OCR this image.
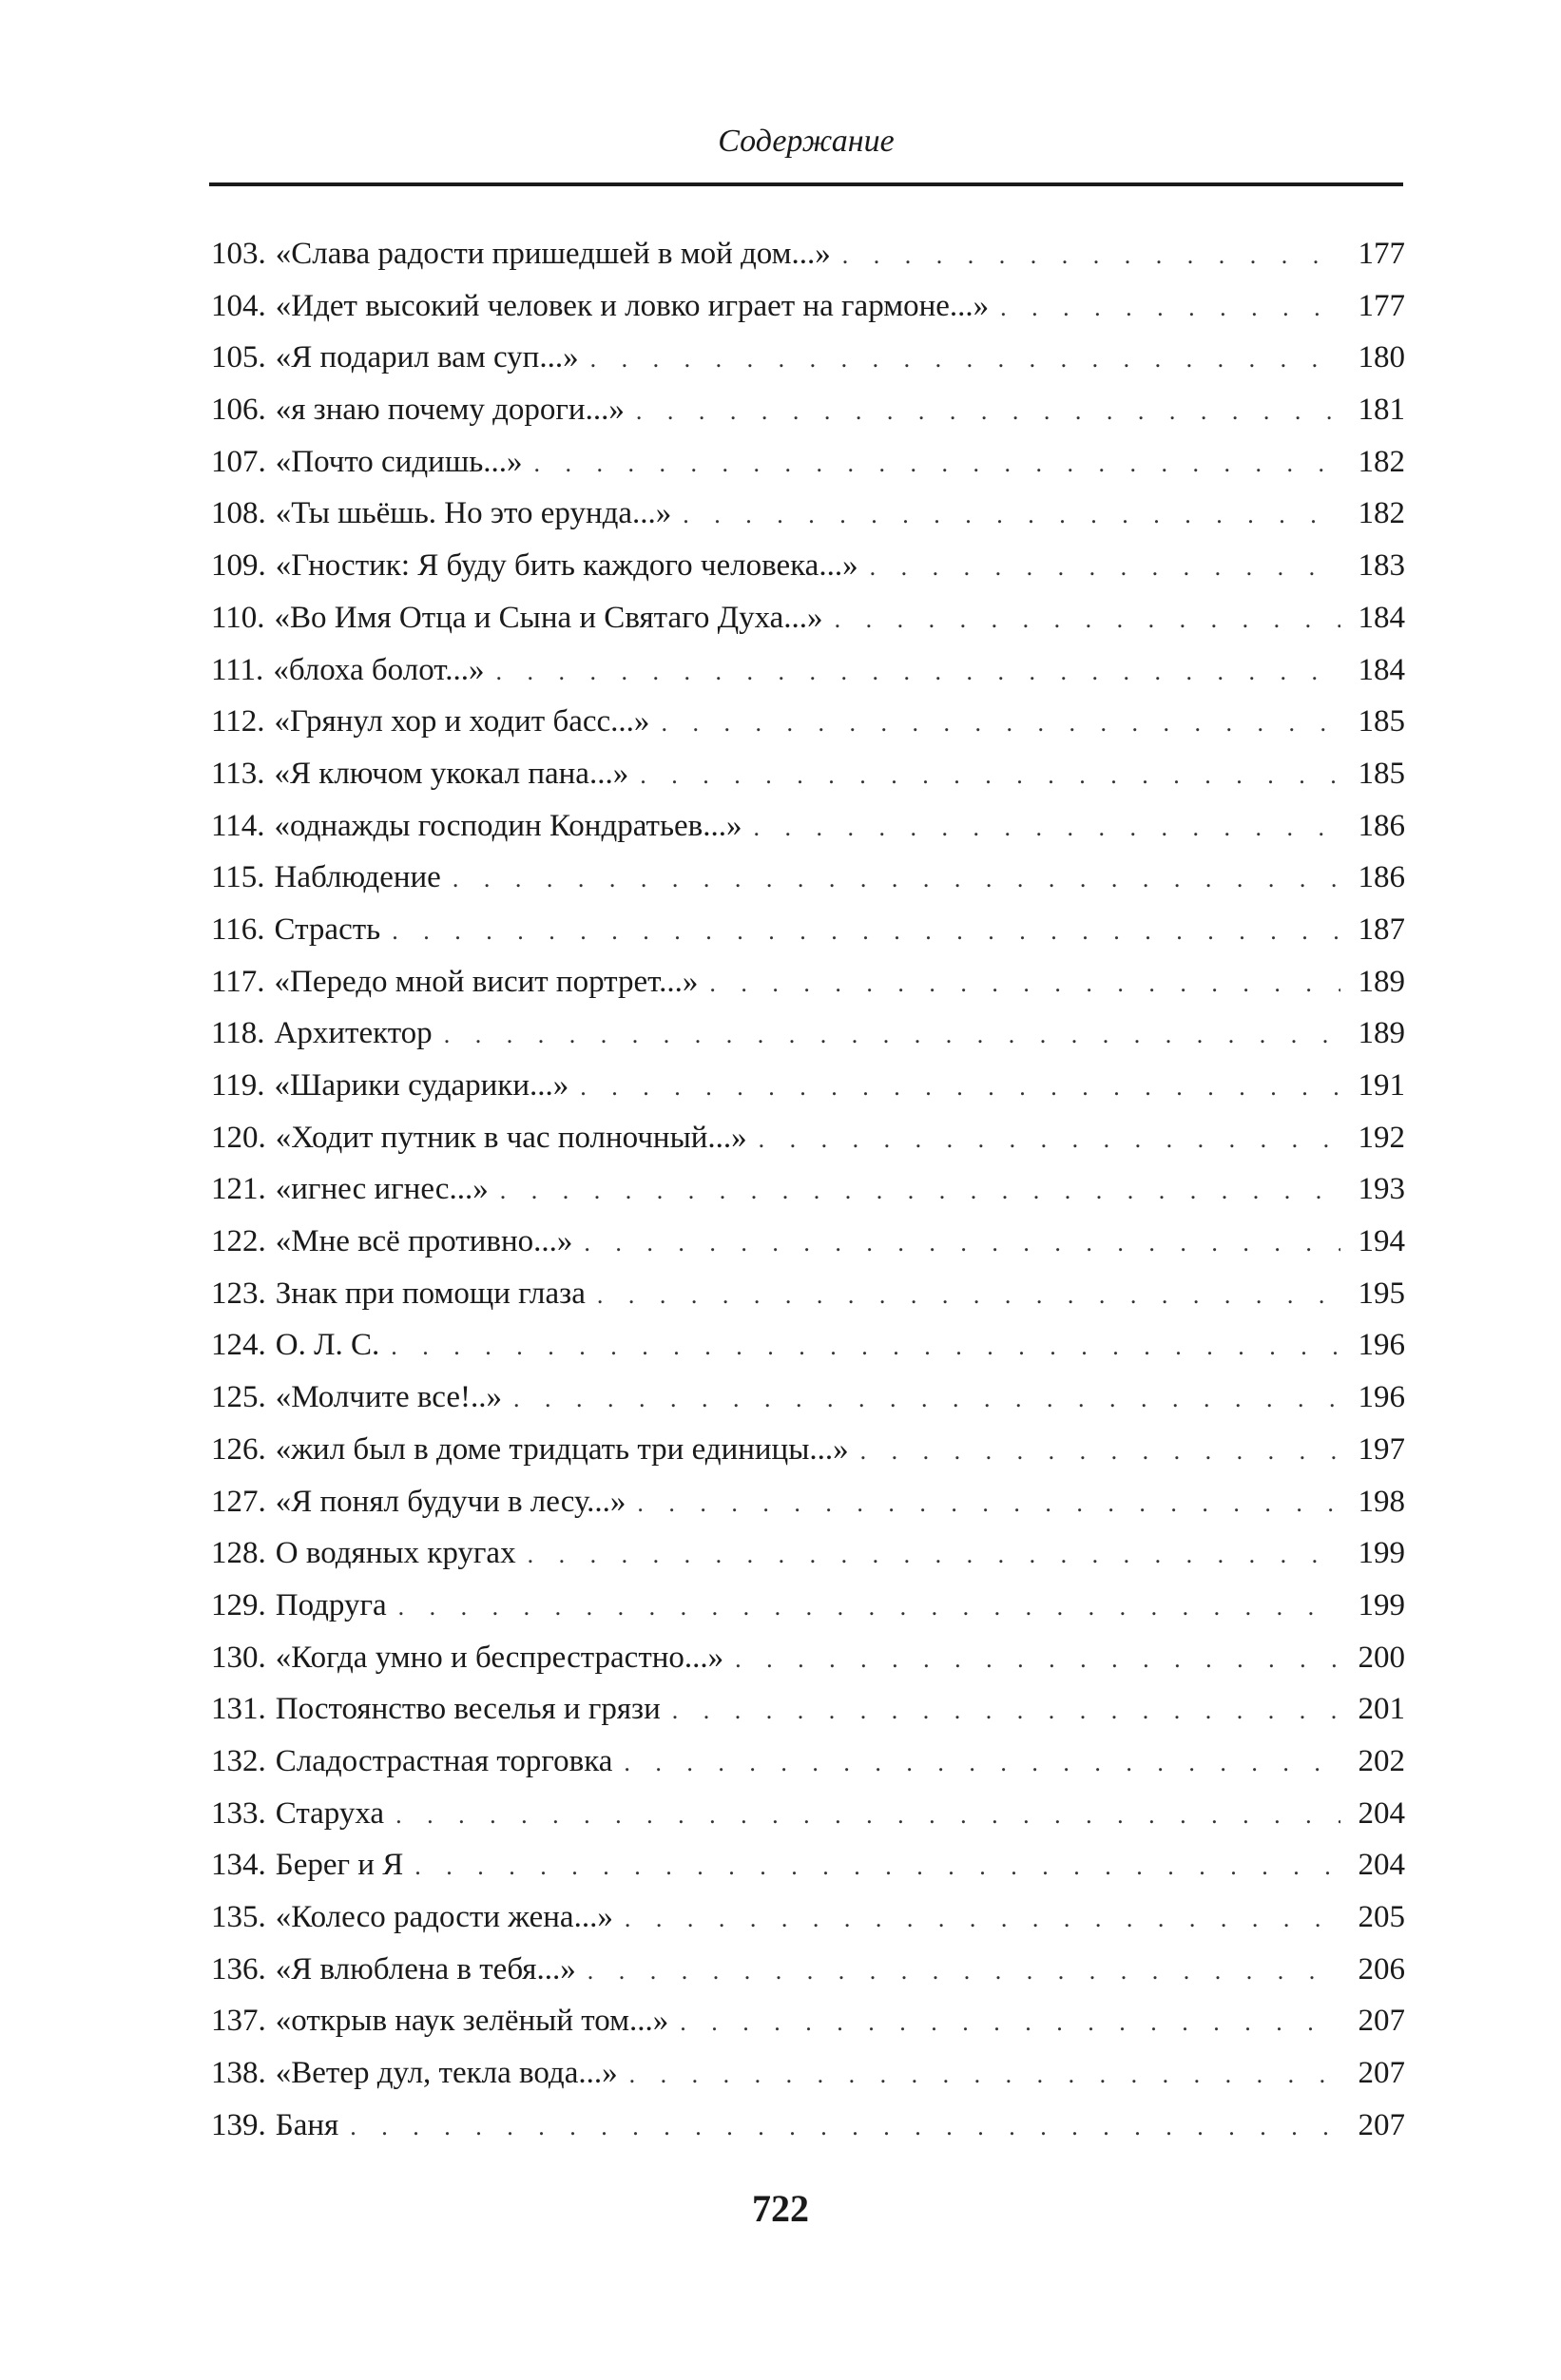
Содержание
103. «Слава радости пришедшей в мой дом...» . . .	177
104. «Идет высокий человек и ловко играет на гармоне...» . . .	177
105. «Я подарил вам суп...» . . .	180
106. «я знаю почему дороги...» . . .	181
107. «Почто сидишь...» . . .	182
108. «Ты шьёшь. Но это ерунда...» . . .	182
109. «Гностик: Я буду бить каждого человека...» . . .	183
110. «Во Имя Отца и Сына и Святаго Духа...» . . .	184
111. «блоха болот...» . . .	184
112. «Грянул хор и ходит басс...» . . .	185
113. «Я ключом укокал пана...» . . .	185
114. «однажды господин Кондратьев...» . . .	186
115. Наблюдение . . .	186
116. Страсть . . .	187
117. «Передо мной висит портрет...» . . .	189
118. Архитектор . . .	189
119. «Шарики сударики...» . . .	191
120. «Ходит путник в час полночный...» . . .	192
121. «игнес игнес...» . . .	193
122. «Мне всё противно...» . . .	194
123. Знак при помощи глаза . . .	195
124. О. Л. С. . . .	196
125. «Молчите все!..» . . .	196
126. «жил был в доме тридцать три единицы...» . . .	197
127. «Я понял будучи в лесу...» . . .	198
128. О водяных кругах . . .	199
129. Подруга . . .	199
130. «Когда умно и беспрестрастно...» . . .	200
131. Постоянство веселья и грязи . . .	201
132. Сладострастная торговка . . .	202
133. Старуха . . .	204
134. Берег и Я . . .	204
135. «Колесо радости жена...» . . .	205
136. «Я влюблена в тебя...» . . .	206
137. «открыв наук зелёный том...» . . .	207
138. «Ветер дул, текла вода...» . . .	207
139. Баня . . .	207
722
